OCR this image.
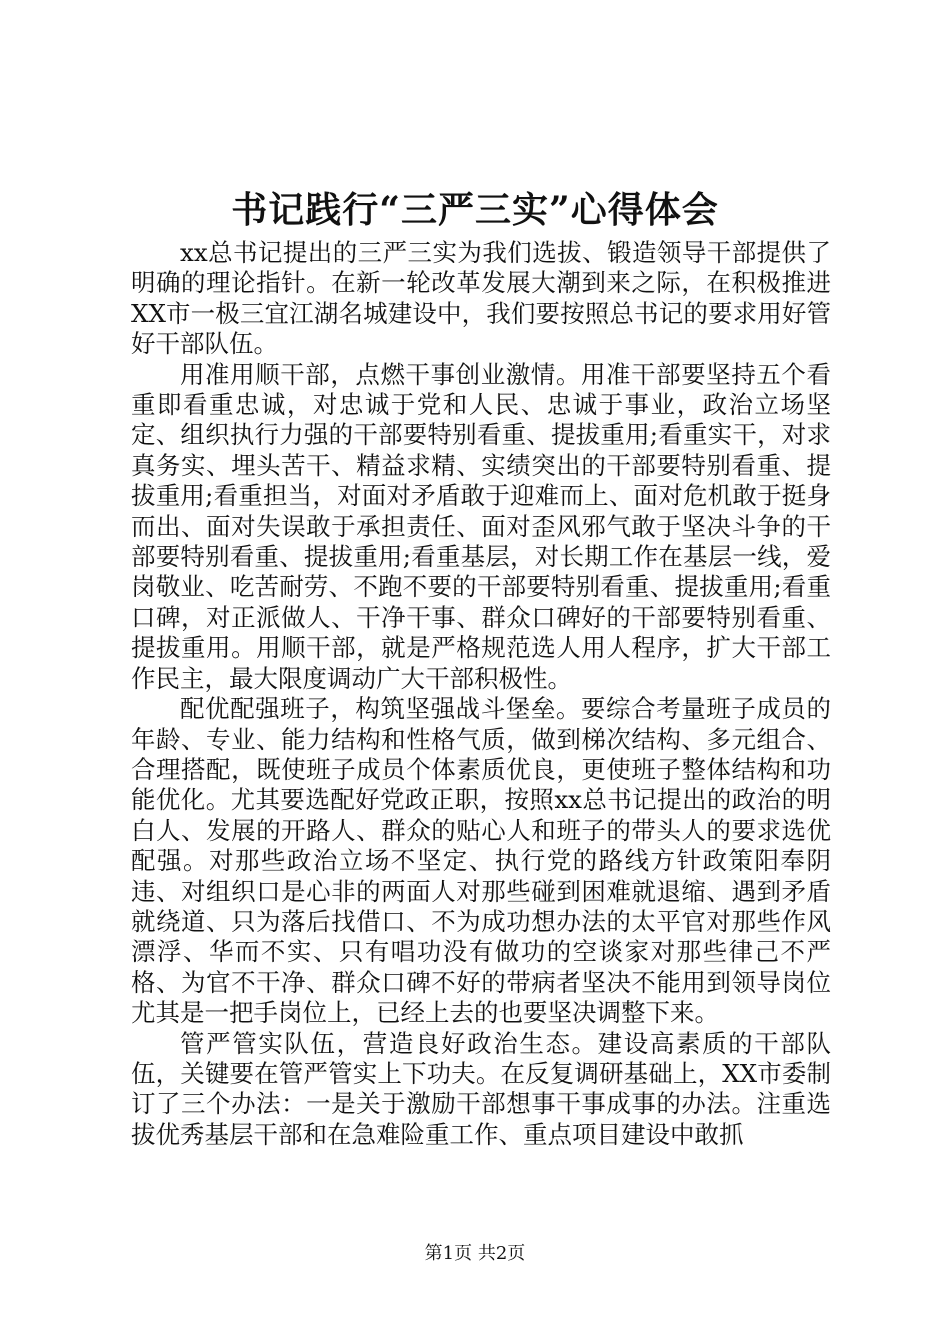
书记践行“三严三实”心得体会

xx总书记提出的三严三实为我们选拔、锻造领导干部提供了明确的理论指针。在新一轮改革发展大潮到来之际，在积极推进XX市一极三宜江湖名城建设中，我们要按照总书记的要求用好管好干部队伍。

用准用顺干部，点燃干事创业激情。用准干部要坚持五个看重即看重忠诚，对忠诚于党和人民、忠诚于事业，政治立场坚定、组织执行力强的干部要特别看重、提拔重用;看重实干，对求真务实、埋头苦干、精益求精、实绩突出的干部要特别看重、提拔重用;看重担当，对面对矛盾敢于迎难而上、面对危机敢于挺身而出、面对失误敢于承担责任、面对歪风邪气敢于坚决斗争的干部要特别看重、提拔重用;看重基层，对长期工作在基层一线，爱岗敬业、吃苦耐劳、不跑不要的干部要特别看重、提拔重用;看重口碑，对正派做人、干净干事、群众口碑好的干部要特别看重、提拔重用。用顺干部，就是严格规范选人用人程序，扩大干部工作民主，最大限度调动广大干部积极性。

配优配强班子，构筑坚强战斗堡垒。要综合考量班子成员的年龄、专业、能力结构和性格气质，做到梯次结构、多元组合、合理搭配，既使班子成员个体素质优良，更使班子整体结构和功能优化。尤其要选配好党政正职，按照xx总书记提出的政治的明白人、发展的开路人、群众的贴心人和班子的带头人的要求选优配强。对那些政治立场不坚定、执行党的路线方针政策阳奉阴违、对组织口是心非的两面人对那些碰到困难就退缩、遇到矛盾就绕道、只为落后找借口、不为成功想办法的太平官对那些作风漂浮、华而不实、只有唱功没有做功的空谈家对那些律己不严格、为官不干净、群众口碑不好的带病者坚决不能用到领导岗位尤其是一把手岗位上，已经上去的也要坚决调整下来。

管严管实队伍，营造良好政治生态。建设高素质的干部队伍，关键要在管严管实上下功夫。在反复调研基础上，XX市委制订了三个办法：一是关于激励干部想事干事成事的办法。注重选拔优秀基层干部和在急难险重工作、重点项目建设中敢抓

第1页 共2页
